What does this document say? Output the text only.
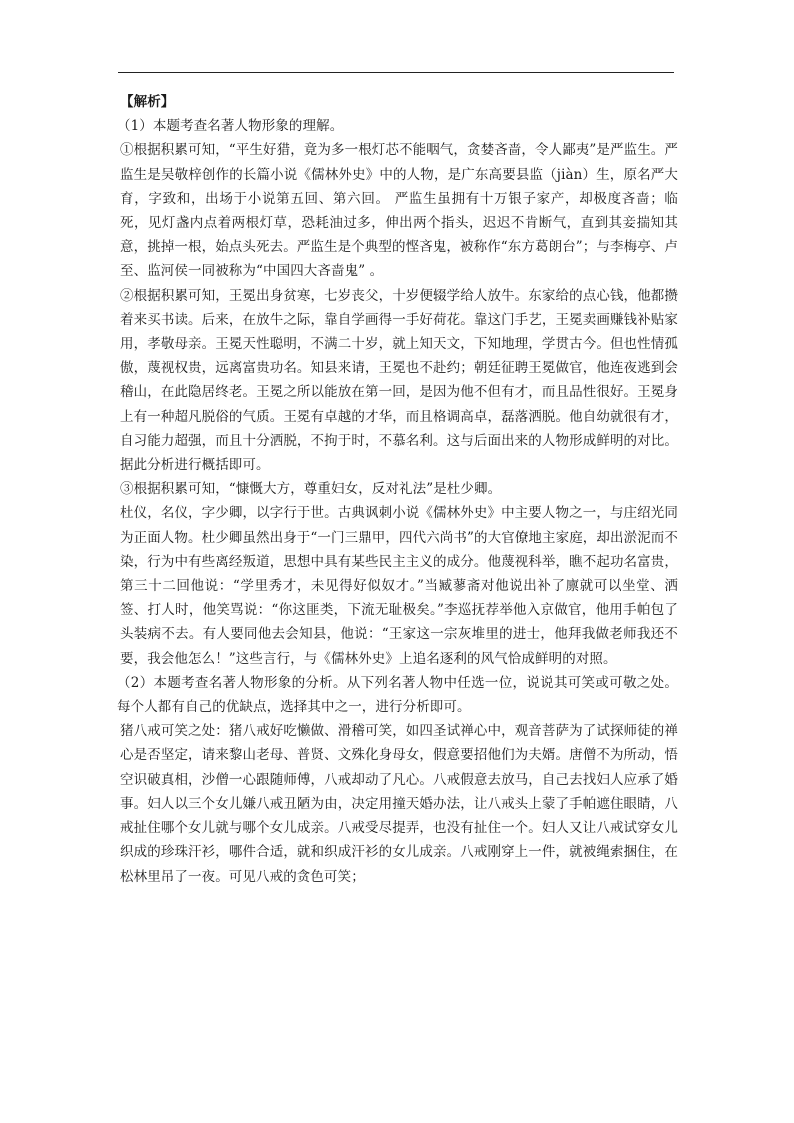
【解析】

（1）本题考查名著人物形象的理解。

①根据积累可知，“平生好猎，竟为多一根灯芯不能咽气，贪婪吝啬，令人鄙夷”是严监生。严监生是吴敬梓创作的长篇小说《儒林外史》中的人物，是广东高要县监（jiàn）生，原名严大育，字致和，出场于小说第五回、第六回。 严监生虽拥有十万银子家产，却极度吝啬；临死，见灯盏内点着两根灯草，恐耗油过多，伸出两个指头，迟迟不肯断气，直到其妾揣知其意，挑掉一根，始点头死去。严监生是个典型的悭吝鬼，被称作“东方葛朗台”；与李梅亭、卢至、监河侯一同被称为“中国四大吝啬鬼” 。

②根据积累可知，王冕出身贫寒，七岁丧父，十岁便辍学给人放牛。东家给的点心钱，他都攒着来买书读。后来，在放牛之际，靠自学画得一手好荷花。靠这门手艺，王冕卖画赚钱补贴家用，孝敬母亲。王冕天性聪明，不满二十岁，就上知天文，下知地理，学贯古今。但也性情孤傲，蔑视权贵，远离富贵功名。知县来请，王冕也不赴约；朝廷征聘王冕做官，他连夜逃到会稽山，在此隐居终老。王冕之所以能放在第一回，是因为他不但有才，而且品性很好。王冕身上有一种超凡脱俗的气质。王冕有卓越的才华，而且格调高卓，磊落洒脱。他自幼就很有才，自习能力超强，而且十分洒脱，不拘于时，不慕名利。这与后面出来的人物形成鲜明的对比。据此分析进行概括即可。

③根据积累可知，“慷慨大方，尊重妇女，反对礼法”是杜少卿。

杜仪，名仪，字少卿，以字行于世。古典讽刺小说《儒林外史》中主要人物之一，与庄绍光同为正面人物。杜少卿虽然出身于“一门三鼎甲，四代六尚书”的大官僚地主家庭，却出淤泥而不染，行为中有些离经叛道，思想中具有某些民主主义的成分。他蔑视科举，瞧不起功名富贵，第三十二回他说：“学里秀才，未见得好似奴才。”当臧蓼斋对他说出补了廪就可以坐堂、洒签、打人时，他笑骂说：“你这匪类，下流无耻极矣。”李巡抚荐举他入京做官，他用手帕包了头装病不去。有人要同他去会知县，他说：“王家这一宗灰堆里的进士，他拜我做老师我还不要，我会他怎么！”这些言行，与《儒林外史》上追名逐利的风气恰成鲜明的对照。

（2）本题考查名著人物形象的分析。从下列名著人物中任选一位，说说其可笑或可敬之处。每个人都有自己的优缺点，选择其中之一，进行分析即可。

猪八戒可笑之处：猪八戒好吃懒做、滑稽可笑，如四圣试禅心中，观音菩萨为了试探师徒的禅心是否坚定，请来黎山老母、普贤、文殊化身母女，假意要招他们为夫婿。唐僧不为所动，悟空识破真相，沙僧一心跟随师傅，八戒却动了凡心。八戒假意去放马，自己去找妇人应承了婚事。妇人以三个女儿嫌八戒丑陋为由，决定用撞天婚办法，让八戒头上蒙了手帕遮住眼睛，八戒扯住哪个女儿就与哪个女儿成亲。八戒受尽提弄，也没有扯住一个。妇人又让八戒试穿女儿织成的珍珠汗衫，哪件合适，就和织成汗衫的女儿成亲。八戒刚穿上一件，就被绳索捆住，在松林里吊了一夜。可见八戒的贪色可笑；
